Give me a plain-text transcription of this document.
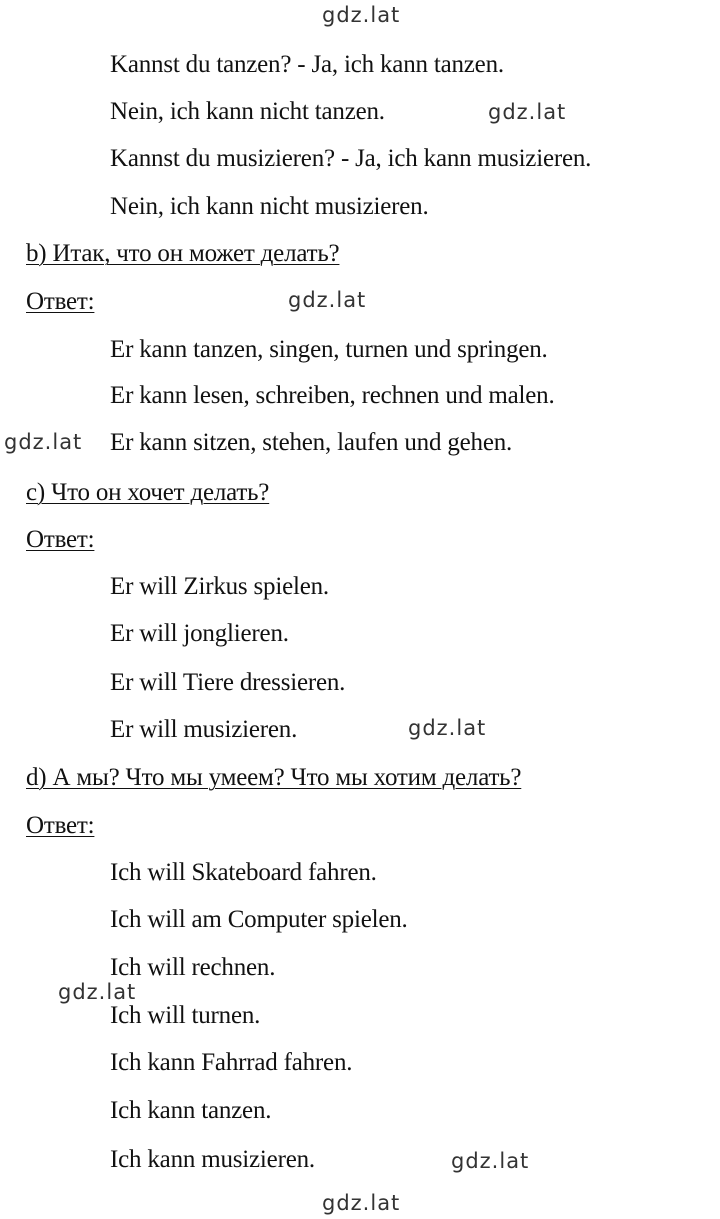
Kannst du tanzen? - Ja, ich kann tanzen.
Nein, ich kann nicht tanzen.
Kannst du musizieren? - Ja, ich kann musizieren.
Nein, ich kann nicht musizieren.
b) Итак, что он может делать?
Ответ:
Er kann tanzen, singen, turnen und springen.
Er kann lesen, schreiben, rechnen und malen.
Er kann sitzen, stehen, laufen und gehen.
c) Что он хочет делать?
Ответ:
Er will Zirkus spielen.
Er will jonglieren.
Er will Tiere dressieren.
Er will musizieren.
d) А мы? Что мы умеем? Что мы хотим делать?
Ответ:
Ich will Skateboard fahren.
Ich will am Computer spielen.
Ich will rechnen.
Ich will turnen.
Ich kann Fahrrad fahren.
Ich kann tanzen.
Ich kann musizieren.
gdz.lat
gdz.lat
gdz.lat
gdz.lat
gdz.lat
gdz.lat
gdz.lat
gdz.lat
